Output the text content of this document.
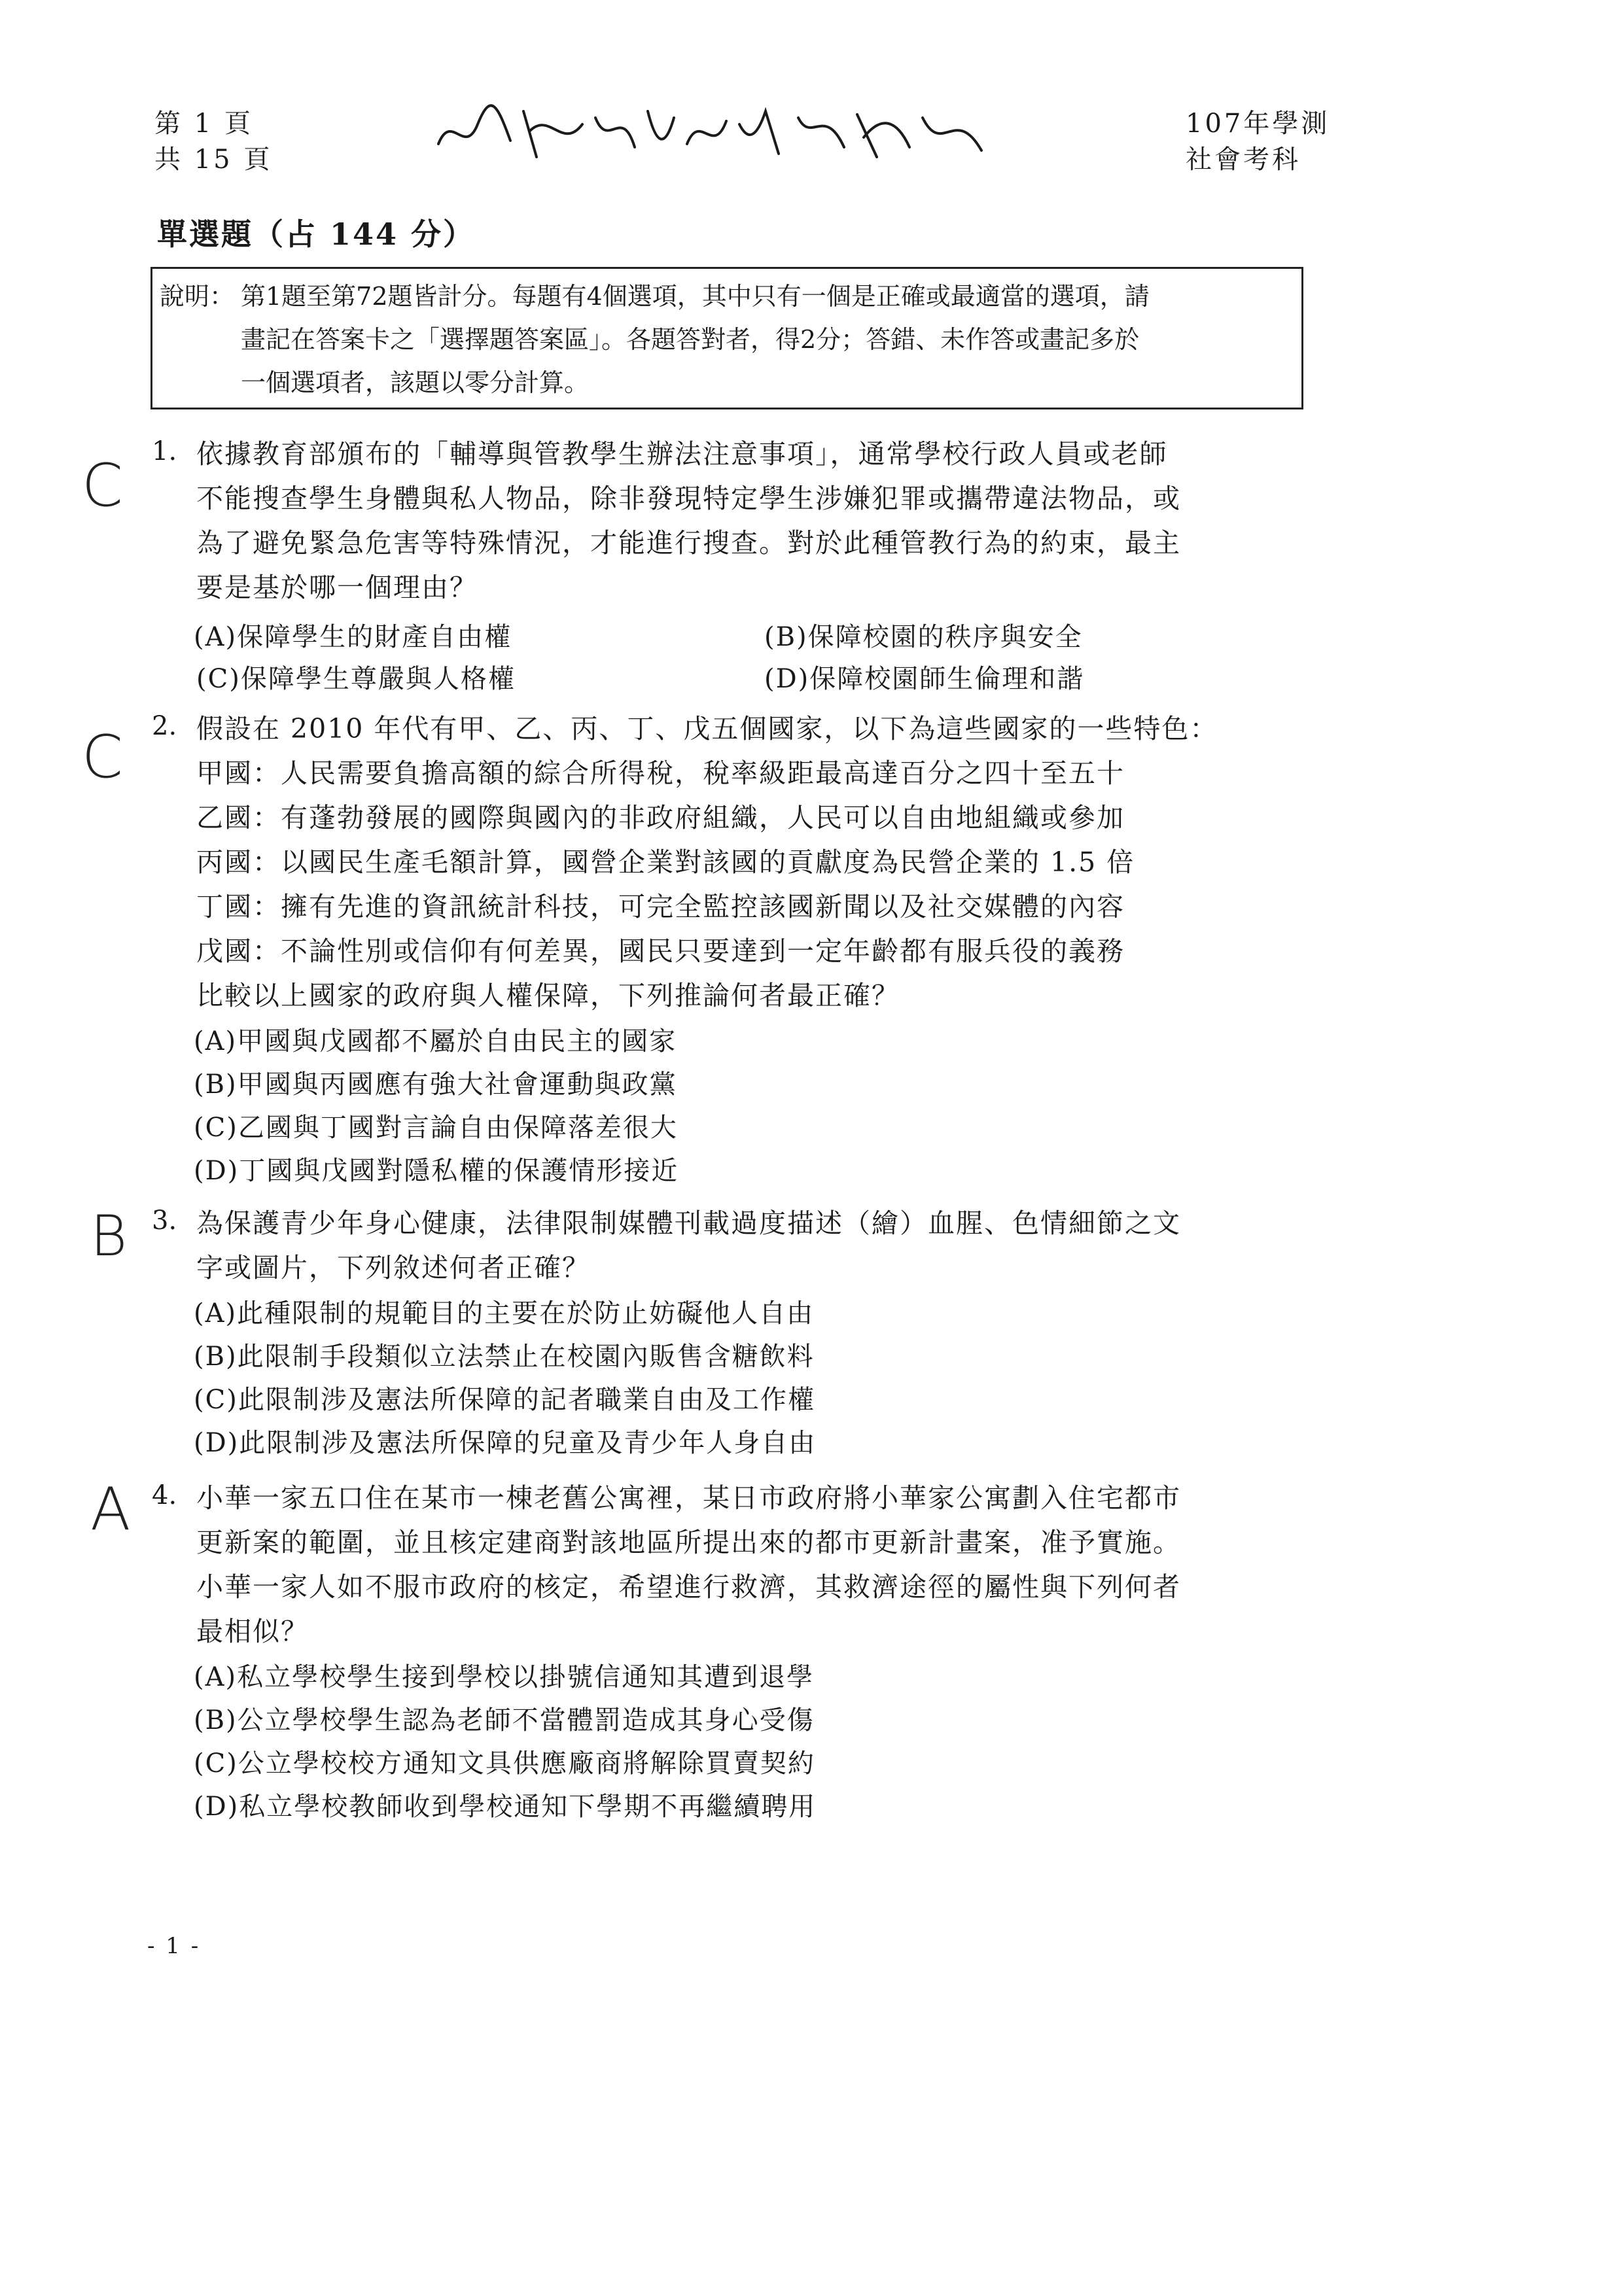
第 1 頁
共 15 頁
107年學測
社會考科
單選題（占 144 分）
說明： 第1題至第72題皆計分。每題有4個選項，其中只有一個是正確或最適當的選項，請
畫記在答案卡之「選擇題答案區」。各題答對者，得2分；答錯、未作答或畫記多於
一個選項者，該題以零分計算。
C 1. 依據教育部頒布的「輔導與管教學生辦法注意事項」，通常學校行政人員或老師
不能搜查學生身體與私人物品，除非發現特定學生涉嫌犯罪或攜帶違法物品，或
為了避免緊急危害等特殊情況，才能進行搜查。對於此種管教行為的約束，最主
要是基於哪一個理由？
(A)保障學生的財產自由權	(B)保障校園的秩序與安全
(C)保障學生尊嚴與人格權	(D)保障校園師生倫理和諧
C 2. 假設在 2010 年代有甲、乙、丙、丁、戊五個國家，以下為這些國家的一些特色：
甲國：人民需要負擔高額的綜合所得稅，稅率級距最高達百分之四十至五十
乙國：有蓬勃發展的國際與國內的非政府組織，人民可以自由地組織或參加
丙國：以國民生產毛額計算，國營企業對該國的貢獻度為民營企業的 1.5 倍
丁國：擁有先進的資訊統計科技，可完全監控該國新聞以及社交媒體的內容
戊國：不論性別或信仰有何差異，國民只要達到一定年齡都有服兵役的義務
比較以上國家的政府與人權保障，下列推論何者最正確？
(A)甲國與戊國都不屬於自由民主的國家
(B)甲國與丙國應有強大社會運動與政黨
(C)乙國與丁國對言論自由保障落差很大
(D)丁國與戊國對隱私權的保護情形接近
B 3. 為保護青少年身心健康，法律限制媒體刊載過度描述（繪）血腥、色情細節之文
字或圖片，下列敘述何者正確？
(A)此種限制的規範目的主要在於防止妨礙他人自由
(B)此限制手段類似立法禁止在校園內販售含糖飲料
(C)此限制涉及憲法所保障的記者職業自由及工作權
(D)此限制涉及憲法所保障的兒童及青少年人身自由
A 4. 小華一家五口住在某市一棟老舊公寓裡，某日市政府將小華家公寓劃入住宅都市
更新案的範圍，並且核定建商對該地區所提出來的都市更新計畫案，准予實施。
小華一家人如不服市政府的核定，希望進行救濟，其救濟途徑的屬性與下列何者
最相似？
(A)私立學校學生接到學校以掛號信通知其遭到退學
(B)公立學校學生認為老師不當體罰造成其身心受傷
(C)公立學校校方通知文具供應廠商將解除買賣契約
(D)私立學校教師收到學校通知下學期不再繼續聘用
- 1 -
